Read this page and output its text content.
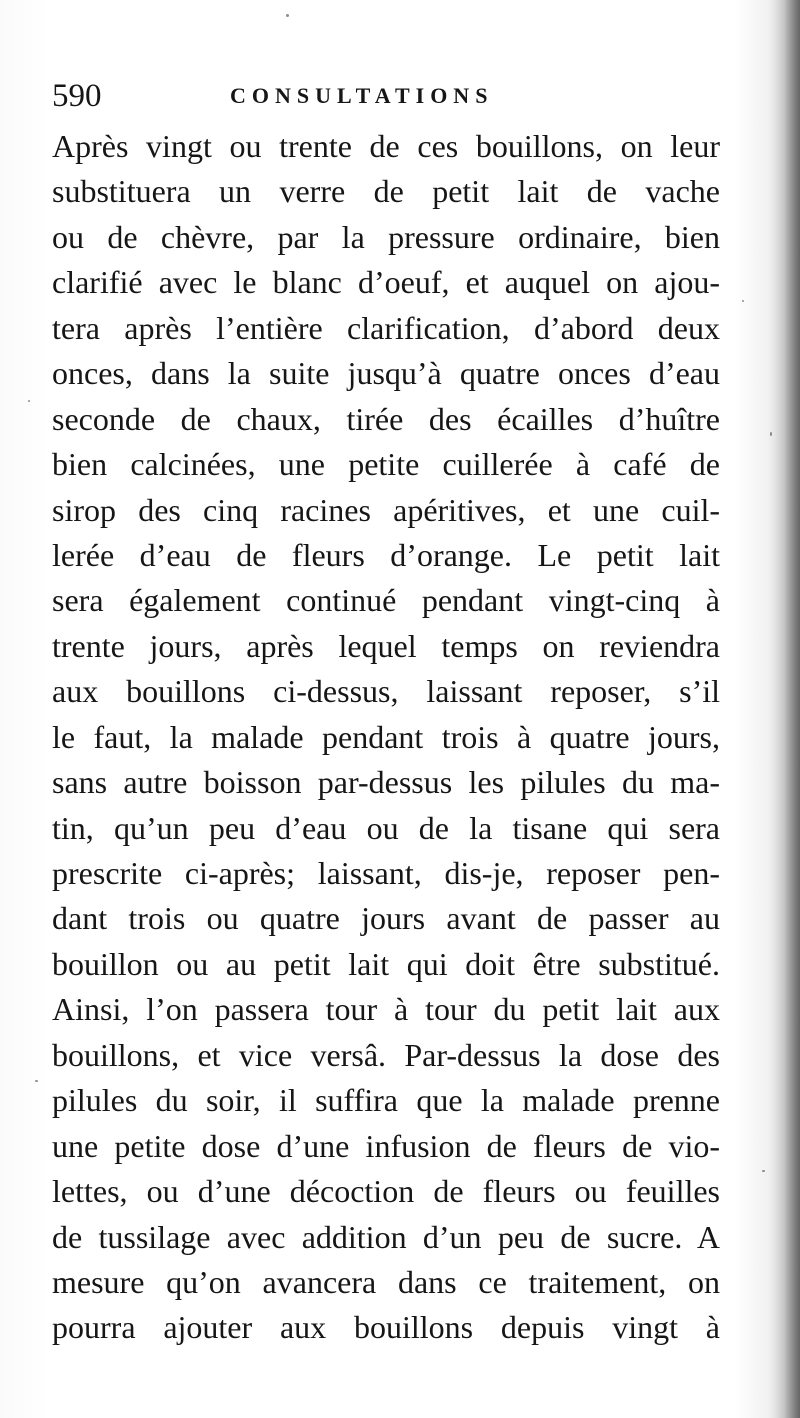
590	CONSULTATIONS
Après vingt ou trente de ces bouillons, on leur
substituera un verre de petit lait de vache
ou de chèvre, par la pressure ordinaire, bien
clarifié avec le blanc d’oeuf, et auquel on ajou-
tera après l’entière clarification, d’abord deux
onces, dans la suite jusqu’à quatre onces d’eau
seconde de chaux, tirée des écailles d’huître
bien calcinées, une petite cuillerée à café de
sirop des cinq racines apéritives, et une cuil-
lerée d’eau de fleurs d’orange. Le petit lait
sera également continué pendant vingt-cinq à
trente jours, après lequel temps on reviendra
aux bouillons ci-dessus, laissant reposer, s’il
le faut, la malade pendant trois à quatre jours,
sans autre boisson par-dessus les pilules du ma-
tin, qu’un peu d’eau ou de la tisane qui sera
prescrite ci-après; laissant, dis-je, reposer pen-
dant trois ou quatre jours avant de passer au
bouillon ou au petit lait qui doit être substitué.
Ainsi, l’on passera tour à tour du petit lait aux
bouillons, et vice versâ. Par-dessus la dose des
pilules du soir, il suffira que la malade prenne
une petite dose d’une infusion de fleurs de vio-
lettes, ou d’une décoction de fleurs ou feuilles
de tussilage avec addition d’un peu de sucre. A
mesure qu’on avancera dans ce traitement, on
pourra ajouter aux bouillons depuis vingt à
